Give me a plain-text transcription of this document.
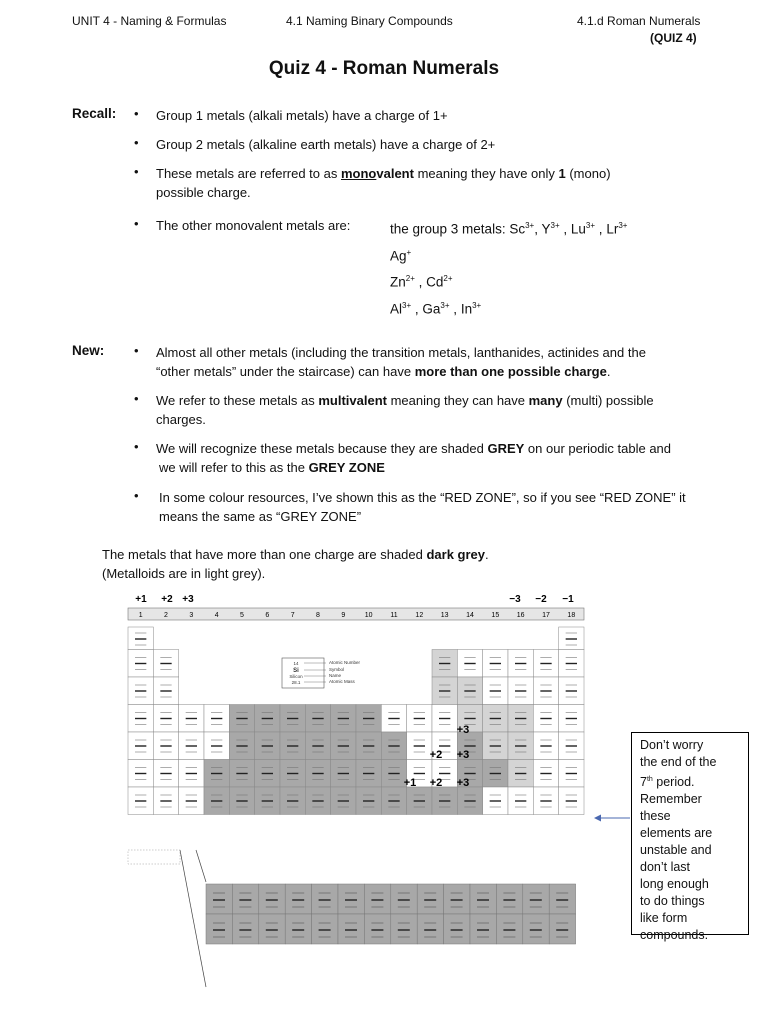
UNIT 4 - Naming & Formulas	4.1 Naming Binary Compounds	4.1.d Roman Numerals
(QUIZ 4)
Quiz 4 - Roman Numerals
Recall: • Group 1 metals (alkali metals) have a charge of 1+
• Group 2 metals (alkaline earth metals) have a charge of 2+
• These metals are referred to as monovalent meaning they have only 1 (mono)
possible charge.
• The other monovalent metals are:	the group 3 metals: $Sc^{3+}$, $Y^{3+}$ , $Lu^{3+}$ , $Lr^{3+}$
Ag+
$Zn^{2+}$ , $Cd^{2+}$
$Al^{3+}$ , $Ga^{3+}$ , $In^{3+}$
New: • Almost all other metals (including the transition metals, lanthanides, actinides and the
“other metals” under the staircase) can have more than one possible charge.
• We refer to these metals as multivalent meaning they can have many (multi) possible
charges.
• We will recognize these metals because they are shaded GREY on our periodic table and
we will refer to this as the GREY ZONE
• In some colour resources, I’ve shown this as the “RED ZONE”, so if you see “RED ZONE” it
means the same as “GREY ZONE”
The metals that have more than one charge are shaded dark grey.
(Metalloids are in light grey).
+1 +2 +3	−3 −2 −1
1	2	3	4	5	6	7	8	9	10	11	12	13	14	15	16	17	18
14
Si
Silicon
28.1
Atomic Number
Symbol
Name
Atomic Mass
+3
+2 +3
+1 +2 +3
Don’t worry
the end of the
7th period.
Remember
these
elements are
unstable and
don’t last
long enough
to do things
like form
compounds.
